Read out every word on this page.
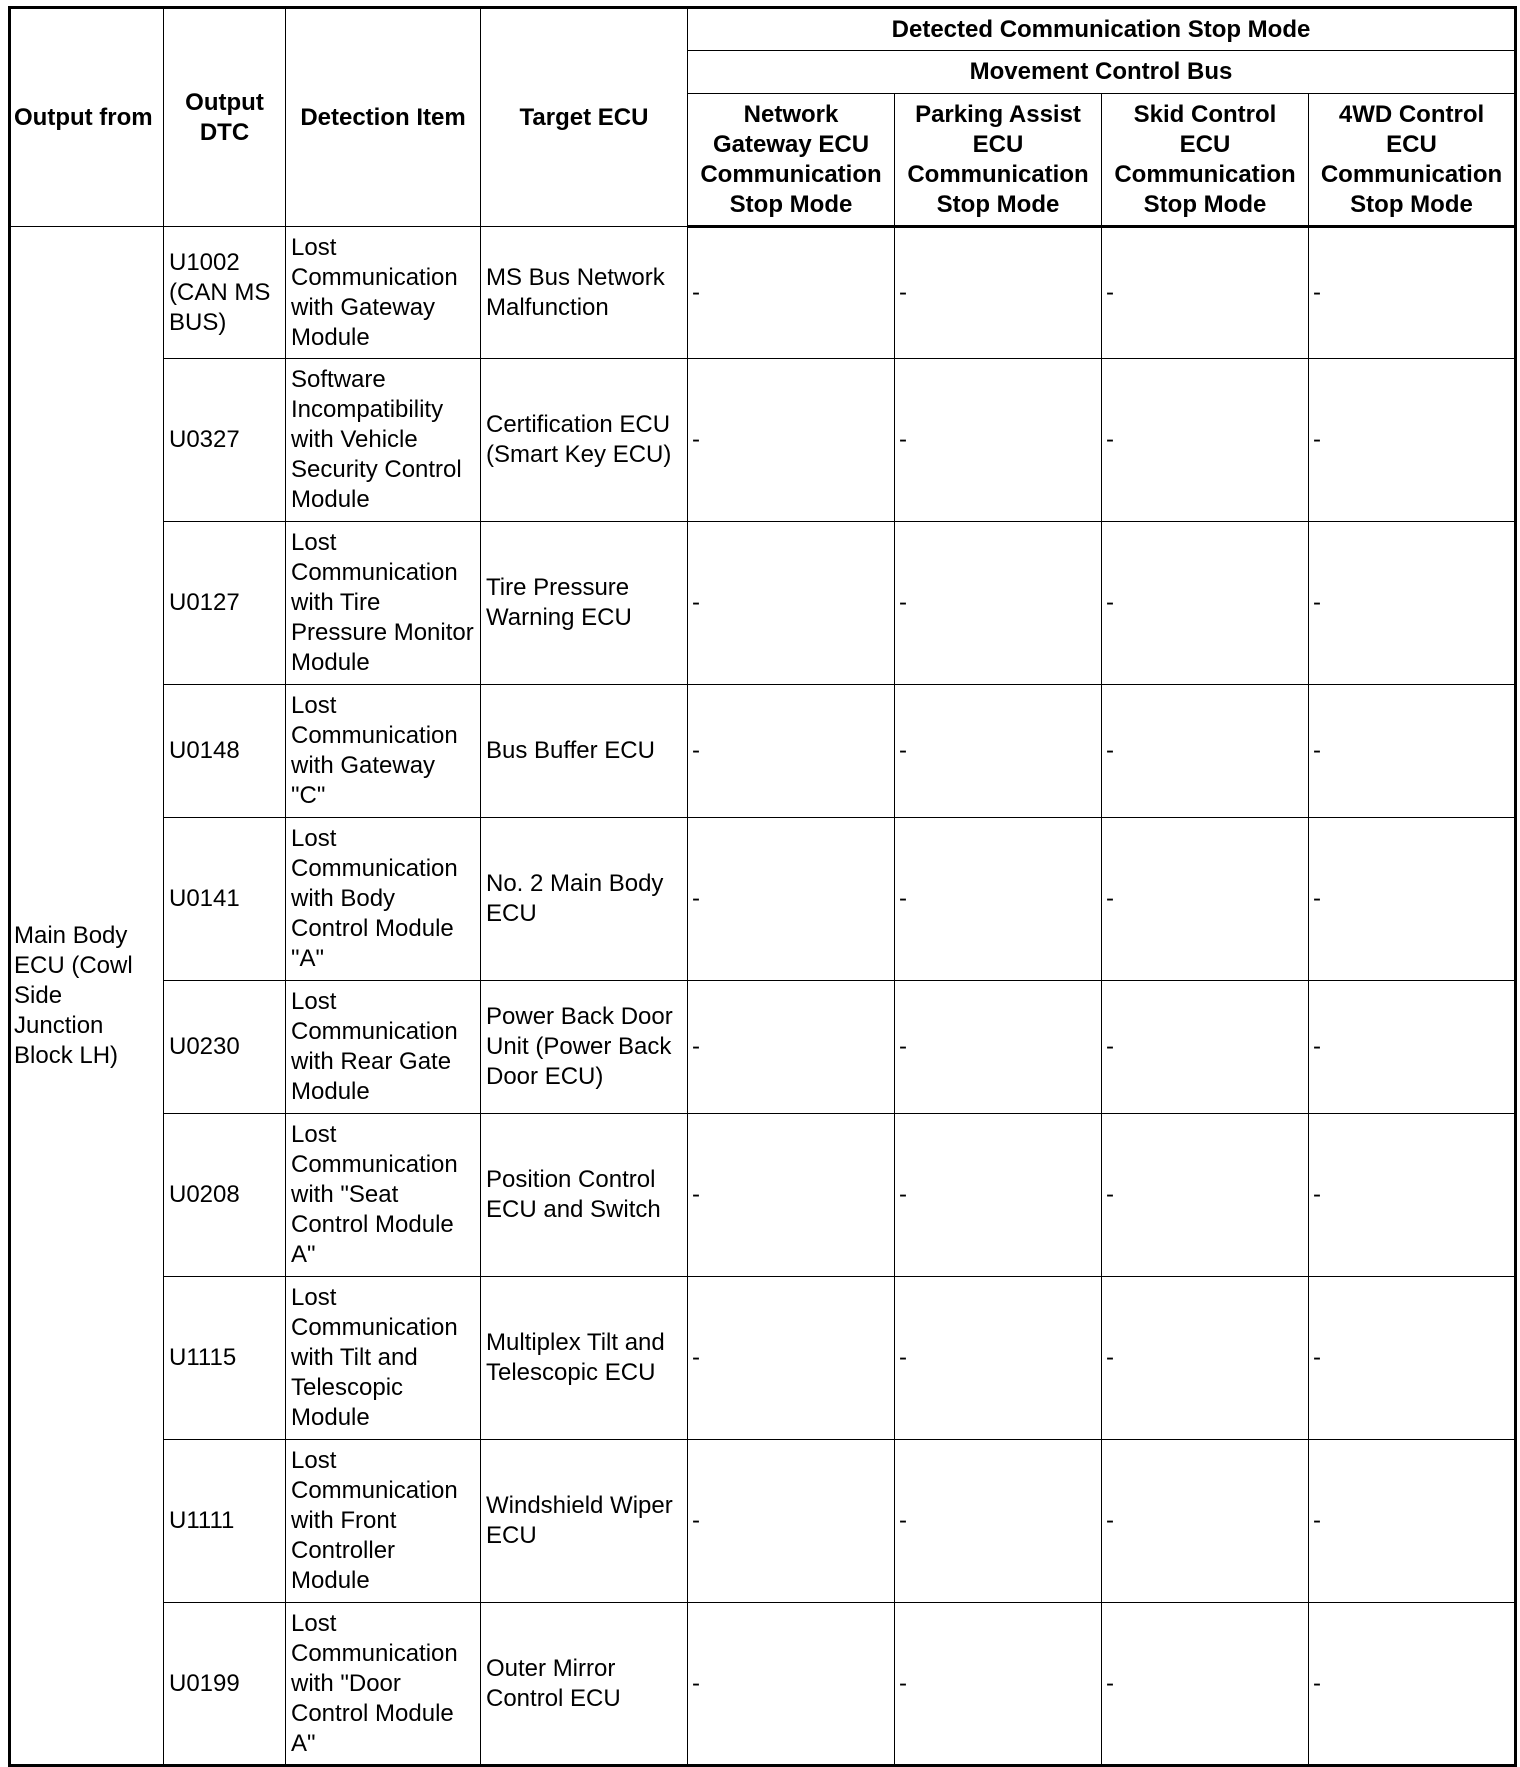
Output from	Output DTC	Detection Item	Target ECU	Detected Communication Stop Mode			
				Movement Control Bus			
				Network Gateway ECU Communication Stop Mode	Parking Assist ECU Communication Stop Mode	Skid Control ECU Communication Stop Mode	4WD Control ECU Communication Stop Mode
Main Body ECU (Cowl Side Junction Block LH)	U1002 (CAN MS BUS)	Lost Communication with Gateway Module	MS Bus Network Malfunction	-	-	-	-
	U0327	Software Incompatibility with Vehicle Security Control Module	Certification ECU (Smart Key ECU)	-	-	-	-
	U0127	Lost Communication with Tire Pressure Monitor Module	Tire Pressure Warning ECU	-	-	-	-
	U0148	Lost Communication with Gateway "C"	Bus Buffer ECU	-	-	-	-
	U0141	Lost Communication with Body Control Module "A"	No. 2 Main Body ECU	-	-	-	-
	U0230	Lost Communication with Rear Gate Module	Power Back Door Unit (Power Back Door ECU)	-	-	-	-
	U0208	Lost Communication with "Seat Control Module A"	Position Control ECU and Switch	-	-	-	-
	U1115	Lost Communication with Tilt and Telescopic Module	Multiplex Tilt and Telescopic ECU	-	-	-	-
	U1111	Lost Communication with Front Controller Module	Windshield Wiper ECU	-	-	-	-
	U0199	Lost Communication with "Door Control Module A"	Outer Mirror Control ECU	-	-	-	-
